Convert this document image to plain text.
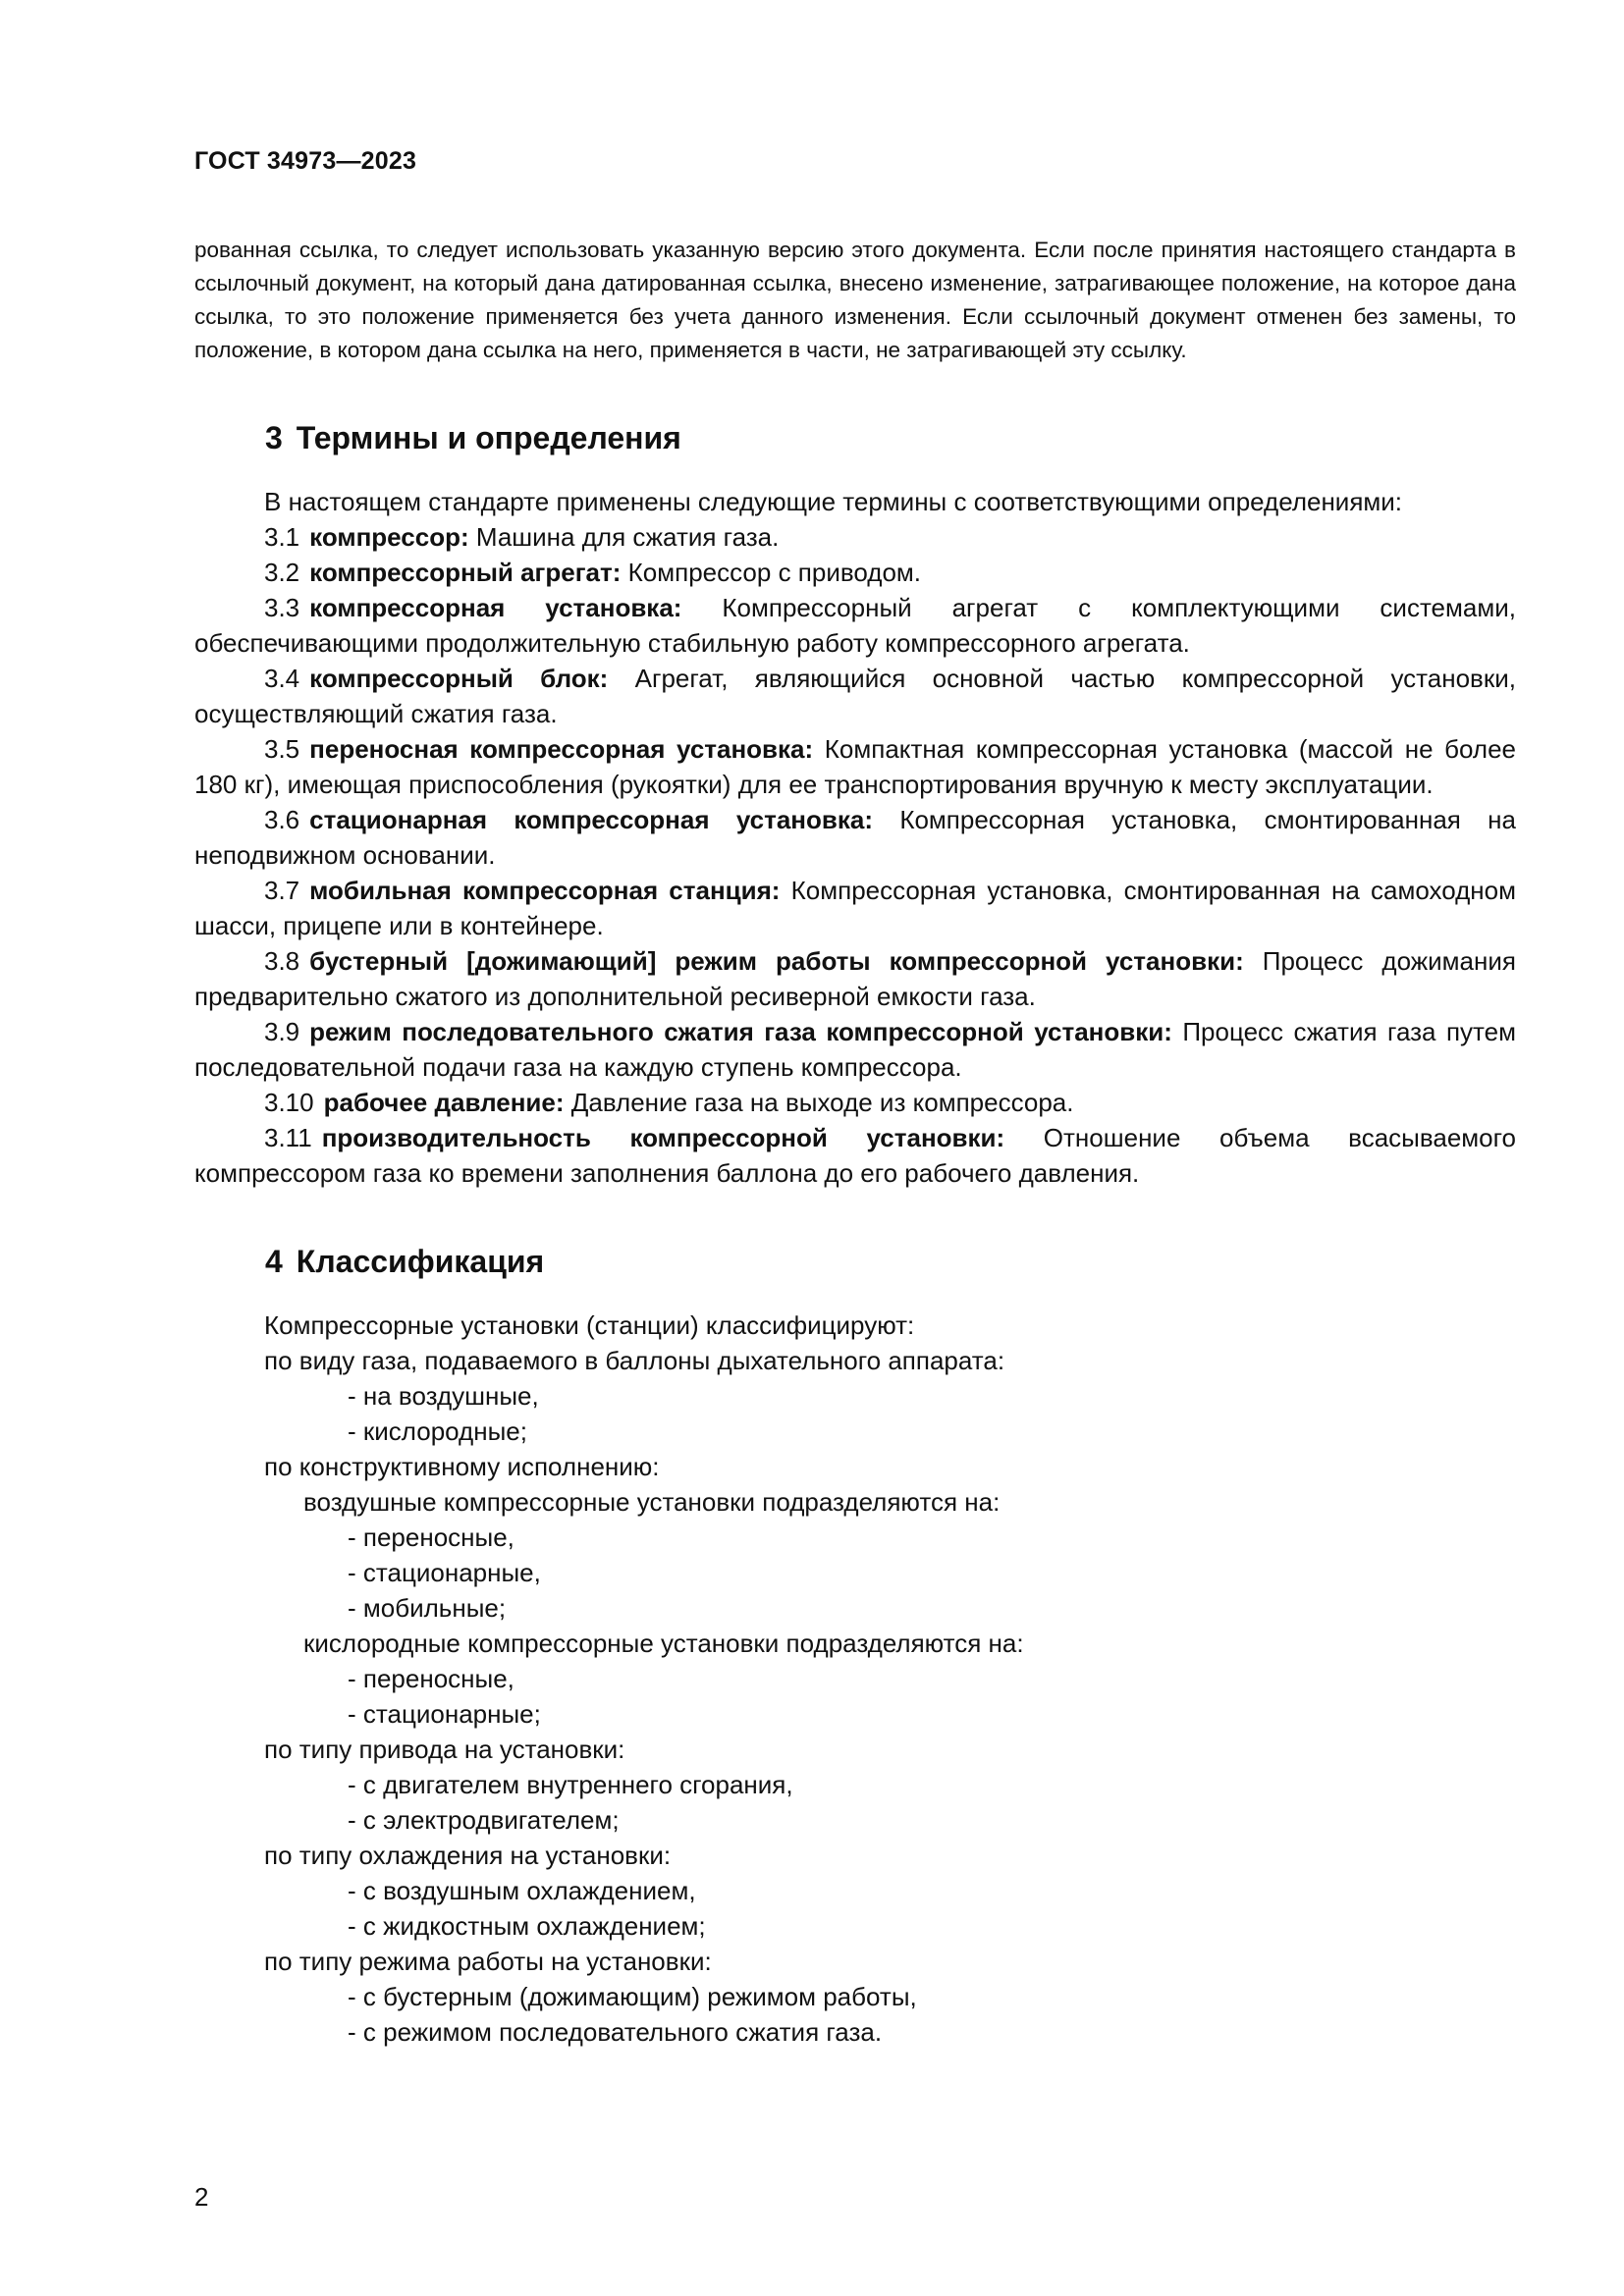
ГОСТ 34973—2023

рованная ссылка, то следует использовать указанную версию этого документа. Если после принятия настоящего стандарта в ссылочный документ, на который дана датированная ссылка, внесено изменение, затрагивающее положение, на которое дана ссылка, то это положение применяется без учета данного изменения. Если ссылочный документ отменен без замены, то положение, в котором дана ссылка на него, применяется в части, не затрагивающей эту ссылку.

3 Термины и определения
В настоящем стандарте применены следующие термины с соответствующими определениями:
3.1 компрессор: Машина для сжатия газа.
3.2 компрессорный агрегат: Компрессор с приводом.
3.3 компрессорная установка: Компрессорный агрегат с комплектующими системами, обеспечивающими продолжительную стабильную работу компрессорного агрегата.
3.4 компрессорный блок: Агрегат, являющийся основной частью компрессорной установки, осуществляющий сжатия газа.
3.5 переносная компрессорная установка: Компактная компрессорная установка (массой не более 180 кг), имеющая приспособления (рукоятки) для ее транспортирования вручную к месту эксплуатации.
3.6 стационарная компрессорная установка: Компрессорная установка, смонтированная на неподвижном основании.
3.7 мобильная компрессорная станция: Компрессорная установка, смонтированная на самоходном шасси, прицепе или в контейнере.
3.8 бустерный [дожимающий] режим работы компрессорной установки: Процесс дожимания предварительно сжатого из дополнительной ресиверной емкости газа.
3.9 режим последовательного сжатия газа компрессорной установки: Процесс сжатия газа путем последовательной подачи газа на каждую ступень компрессора.
3.10 рабочее давление: Давление газа на выходе из компрессора.
3.11 производительность компрессорной установки: Отношение объема всасываемого компрессором газа ко времени заполнения баллона до его рабочего давления.
4 Классификация
Компрессорные установки (станции) классифицируют:
по виду газа, подаваемого в баллоны дыхательного аппарата:
- на воздушные,
- кислородные;
по конструктивному исполнению:
воздушные компрессорные установки подразделяются на:
- переносные,
- стационарные,
- мобильные;
кислородные компрессорные установки подразделяются на:
- переносные,
- стационарные;
по типу привода на установки:
- с двигателем внутреннего сгорания,
- с электродвигателем;
по типу охлаждения на установки:
- с воздушным охлаждением,
- с жидкостным охлаждением;
по типу режима работы на установки:
- с бустерным (дожимающим) режимом работы,
- с режимом последовательного сжатия газа.
2
